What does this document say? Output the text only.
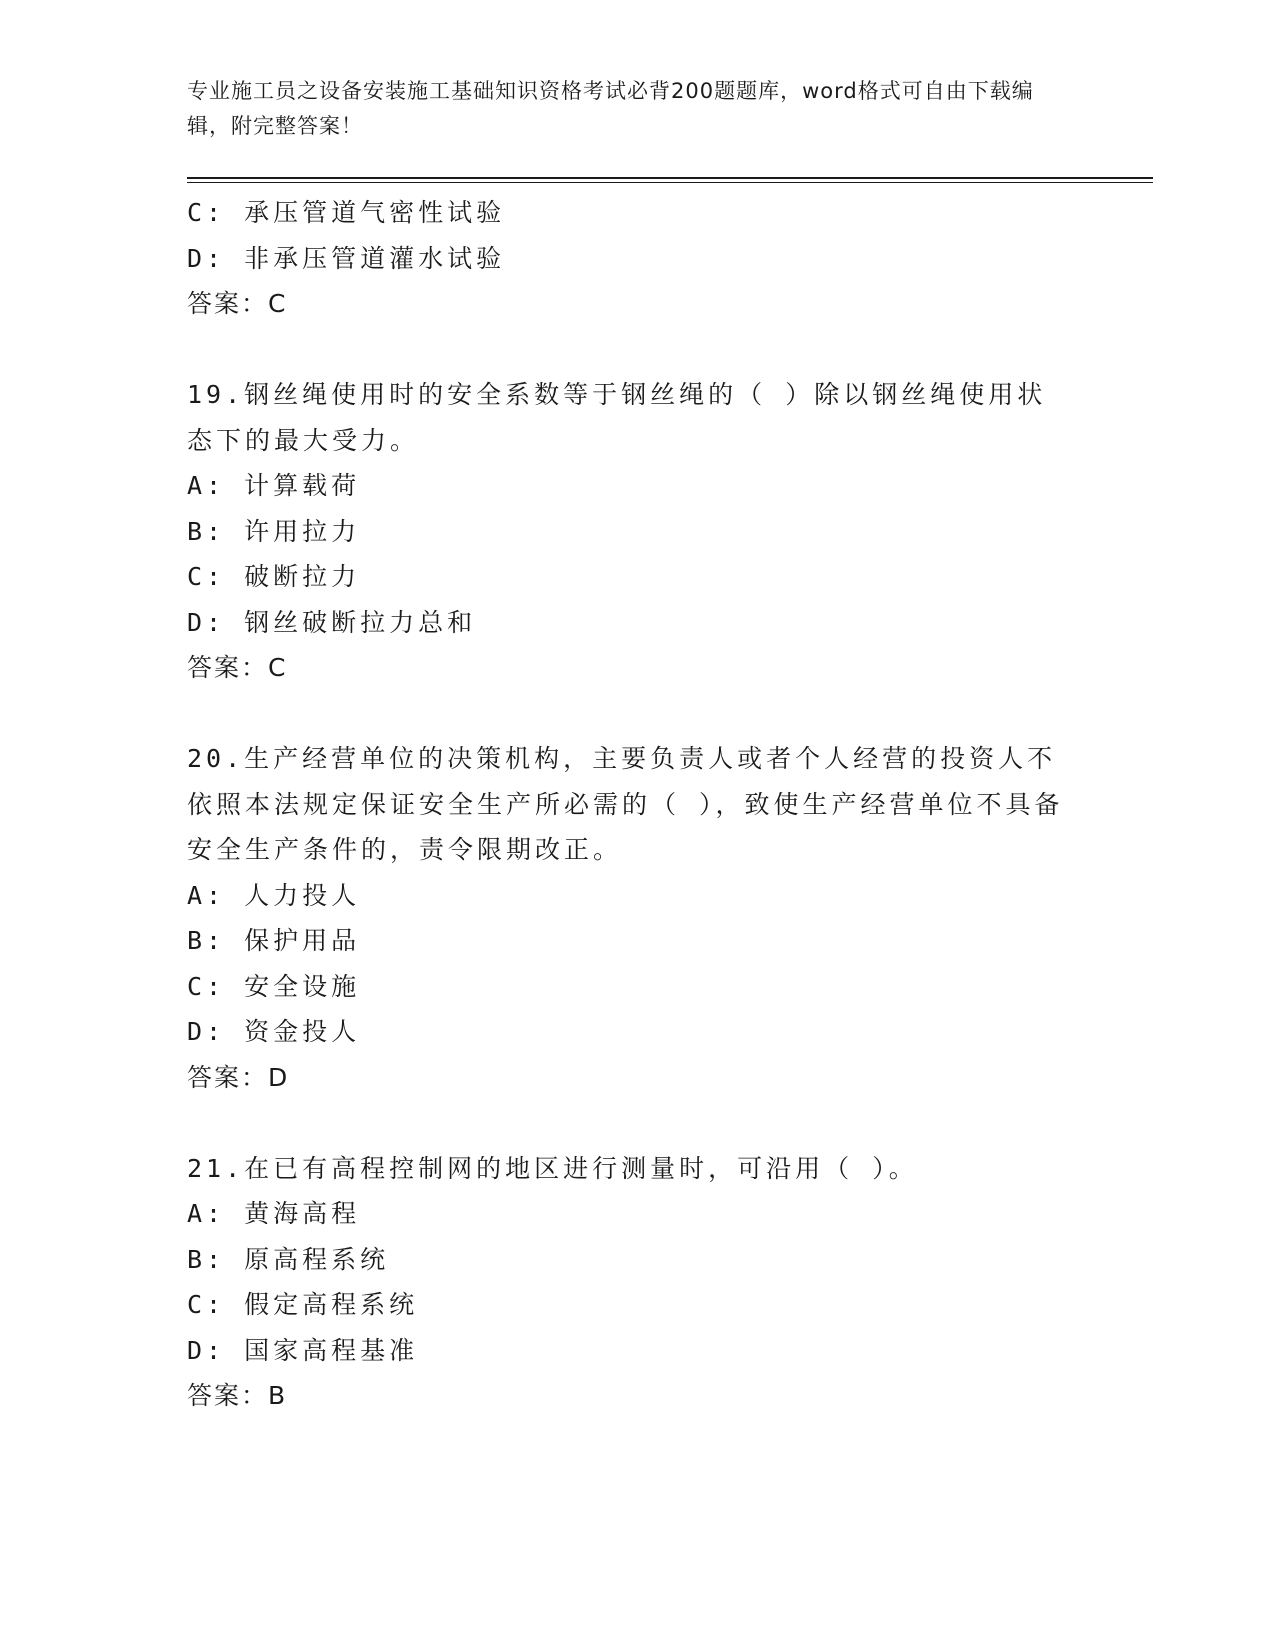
专业施工员之设备安装施工基础知识资格考试必背200题题库，word格式可自由下载编辑，附完整答案！
C: 承压管道气密性试验
D: 非承压管道灌水试验
答案：C
19.钢丝绳使用时的安全系数等于钢丝绳的（ ）除以钢丝绳使用状态下的最大受力。
A: 计算载荷
B: 许用拉力
C: 破断拉力
D: 钢丝破断拉力总和
答案：C
20.生产经营单位的决策机构，主要负责人或者个人经营的投资人不依照本法规定保证安全生产所必需的（ ），致使生产经营单位不具备安全生产条件的，责令限期改正。
A: 人力投人
B: 保护用品
C: 安全设施
D: 资金投人
答案：D
21.在已有高程控制网的地区进行测量时，可沿用（ ）。
A: 黄海高程
B: 原高程系统
C: 假定高程系统
D: 国家高程基准
答案：B
